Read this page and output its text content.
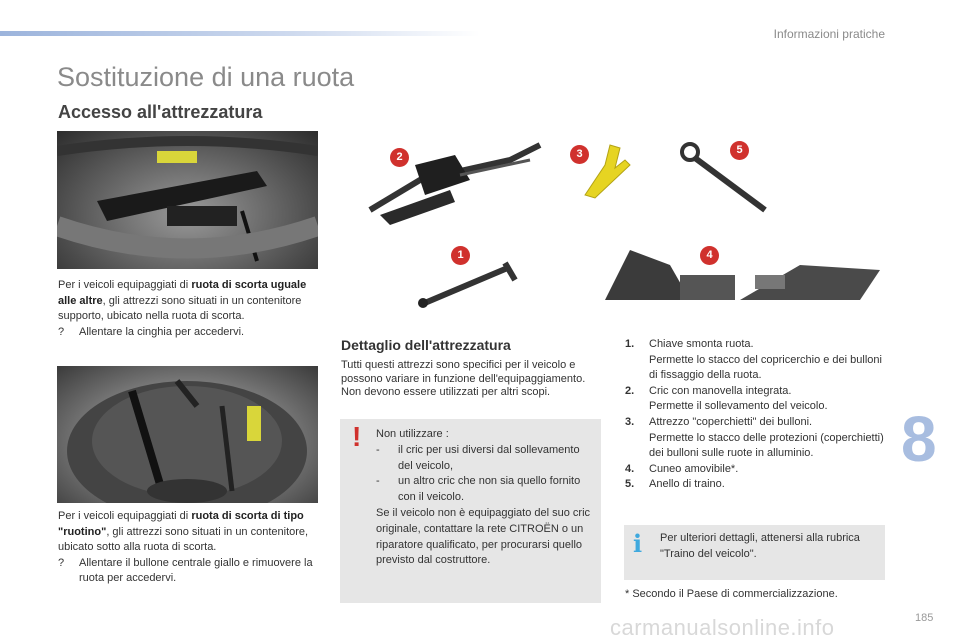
Informazioni pratiche
Sostituzione di una ruota
Accesso all'attrezzatura
Per i veicoli equipaggiati di ruota di scorta uguale alle altre, gli attrezzi sono situati in un contenitore supporto, ubicato nella ruota di scorta.
? Allentare la cinghia per accedervi.
Per i veicoli equipaggiati di ruota di scorta di tipo "ruotino", gli attrezzi sono situati in un contenitore, ubicato sotto alla ruota di scorta.
? Allentare il bullone centrale giallo e rimuovere la ruota per accedervi.
2	3	5
1	4
Dettaglio dell'attrezzatura
Tutti questi attrezzi sono specifici per il veicolo e possono variare in funzione dell'equipaggiamento. Non devono essere utilizzati per altri scopi.
! Non utilizzare :
- il cric per usi diversi dal sollevamento del veicolo,
- un altro cric che non sia quello fornito con il veicolo.
Se il veicolo non è equipaggiato del suo cric originale, contattare la rete CITROËN o un riparatore qualificato, per procurarsi quello previsto dal costruttore.
1.	Chiave smonta ruota.
Permette lo stacco del copricerchio e dei bulloni di fissaggio della ruota.
2.	Cric con manovella integrata.
Permette il sollevamento del veicolo.
3.	Attrezzo "coperchietti" dei bulloni.
Permette lo stacco delle protezioni (coperchietti) dei bulloni sulle ruote in alluminio.
4.	Cuneo amovibile*.
5.	Anello di traino.
i Per ulteriori dettagli, attenersi alla rubrica "Traino del veicolo".
* Secondo il Paese di commercializzazione.
8
carmanualsonline.info	185
